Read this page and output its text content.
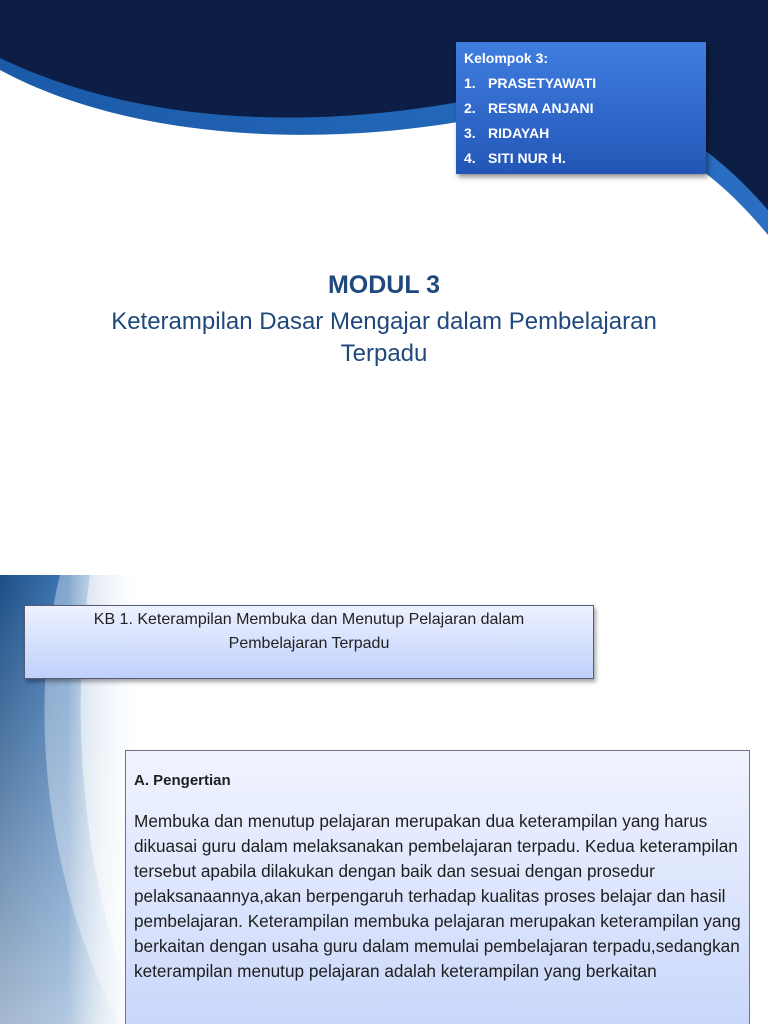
Kelompok 3:
1. PRASETYAWATI
2. RESMA ANJANI
3. RIDAYAH
4. SITI NUR H.
MODUL 3
Keterampilan Dasar Mengajar dalam Pembelajaran
Terpadu
KB 1. Keterampilan Membuka dan Menutup Pelajaran dalam
Pembelajaran Terpadu
A. Pengertian

Membuka dan menutup pelajaran merupakan dua keterampilan yang harus dikuasai guru dalam melaksanakan pembelajaran terpadu. Kedua keterampilan tersebut apabila dilakukan dengan baik dan sesuai dengan prosedur pelaksanaannya,akan berpengaruh terhadap kualitas proses belajar dan hasil pembelajaran. Keterampilan membuka pelajaran merupakan keterampilan yang berkaitan dengan usaha guru dalam memulai pembelajaran terpadu,sedangkan keterampilan menutup pelajaran adalah keterampilan yang berkaitan
